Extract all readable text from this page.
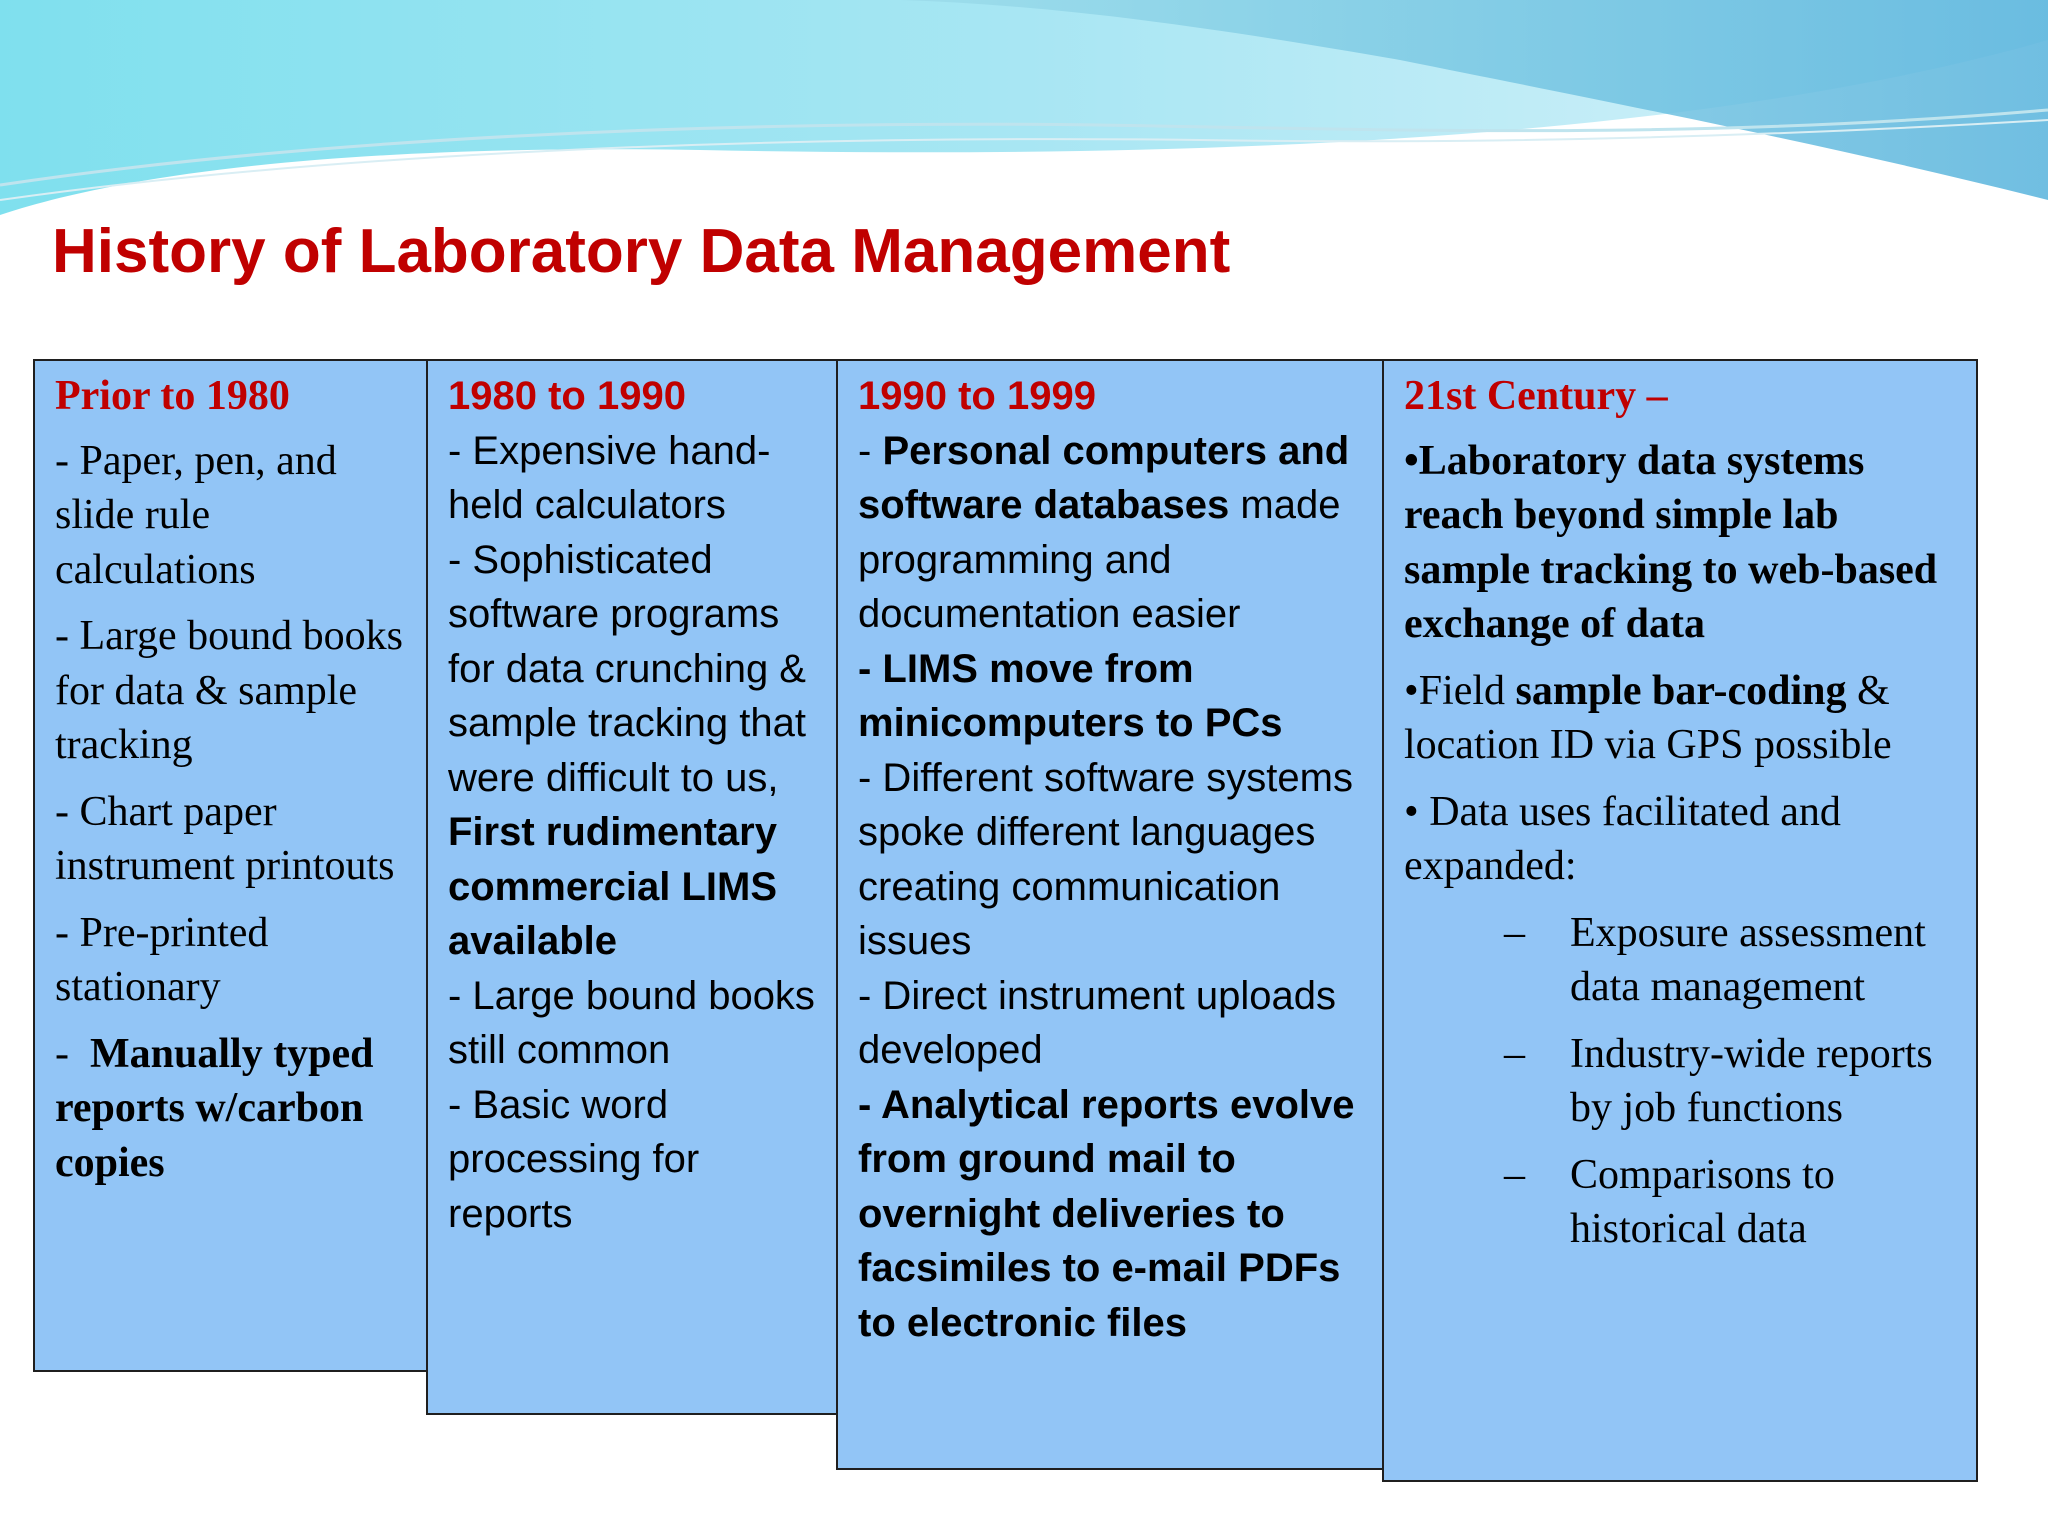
History of Laboratory Data Management
Prior to 1980
- Paper, pen, and slide rule calculations
- Large bound books for data & sample tracking
- Chart paper instrument printouts
- Pre-printed stationary
-  Manually typed reports w/carbon copies
1980 to 1990
- Expensive hand-held calculators
- Sophisticated software programs for data crunching & sample tracking that were difficult to us, First rudimentary commercial LIMS available
- Large bound books still common
- Basic word processing for reports
1990 to 1999
- Personal computers and software databases made programming and documentation easier
- LIMS move from minicomputers to PCs
- Different software systems spoke different languages creating communication issues
- Direct instrument uploads developed
- Analytical reports evolve from ground mail to overnight deliveries to facsimiles to e-mail PDFs to electronic files
21st Century –
•Laboratory data systems reach beyond simple lab sample tracking to web-based exchange of data
•Field sample bar-coding & location ID via GPS possible
• Data uses facilitated and expanded:
–	Exposure assessment data management
–	Industry-wide reports by job functions
–	Comparisons to historical data
